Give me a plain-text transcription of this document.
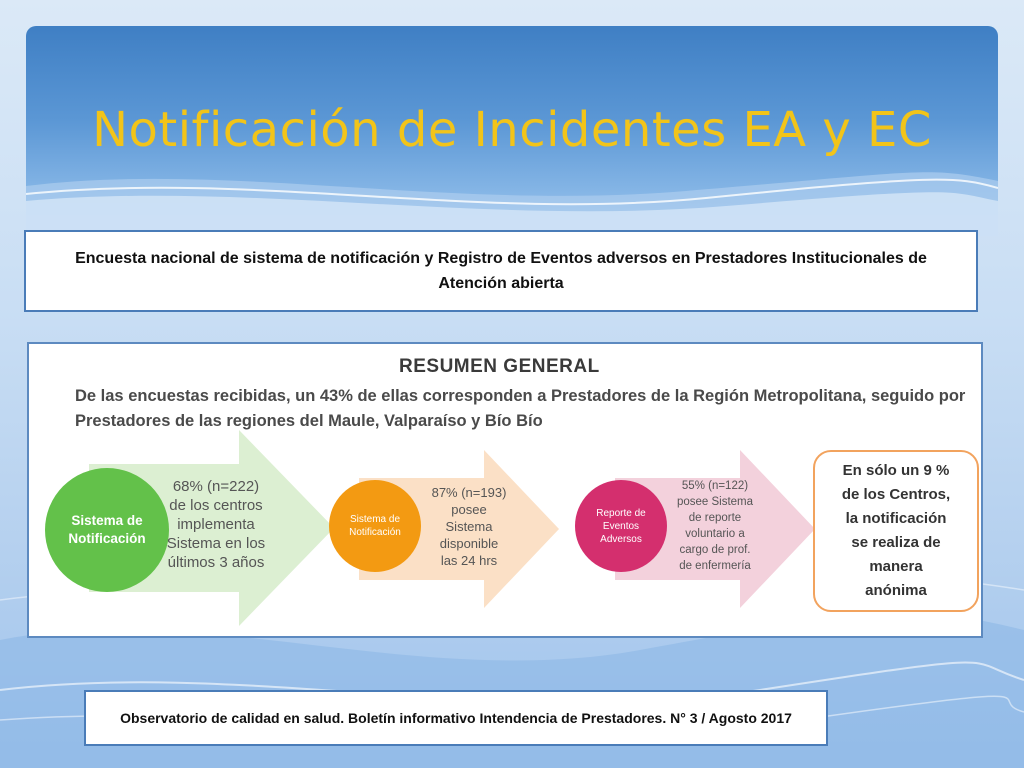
Notificación de Incidentes EA y EC
Encuesta nacional de sistema de notificación y Registro de Eventos adversos en Prestadores Institucionales de Atención abierta
RESUMEN GENERAL
De las encuestas recibidas, un 43% de ellas corresponden a Prestadores de la Región Metropolitana, seguido por
Prestadores de las regiones del Maule, Valparaíso y Bío Bío
Sistema de Notificación
68% (n=222)
de los centros
implementa
Sistema en los
últimos 3 años
Sistema de Notificación
87% (n=193)
posee
Sistema
disponible
las 24 hrs
Reporte de Eventos Adversos
55% (n=122)
posee Sistema
de reporte
voluntario a
cargo de prof.
de enfermería
En sólo un 9 %
de los Centros,
la notificación
se realiza de
manera
anónima
Observatorio de calidad en salud. Boletín informativo Intendencia de Prestadores. N° 3 / Agosto 2017
